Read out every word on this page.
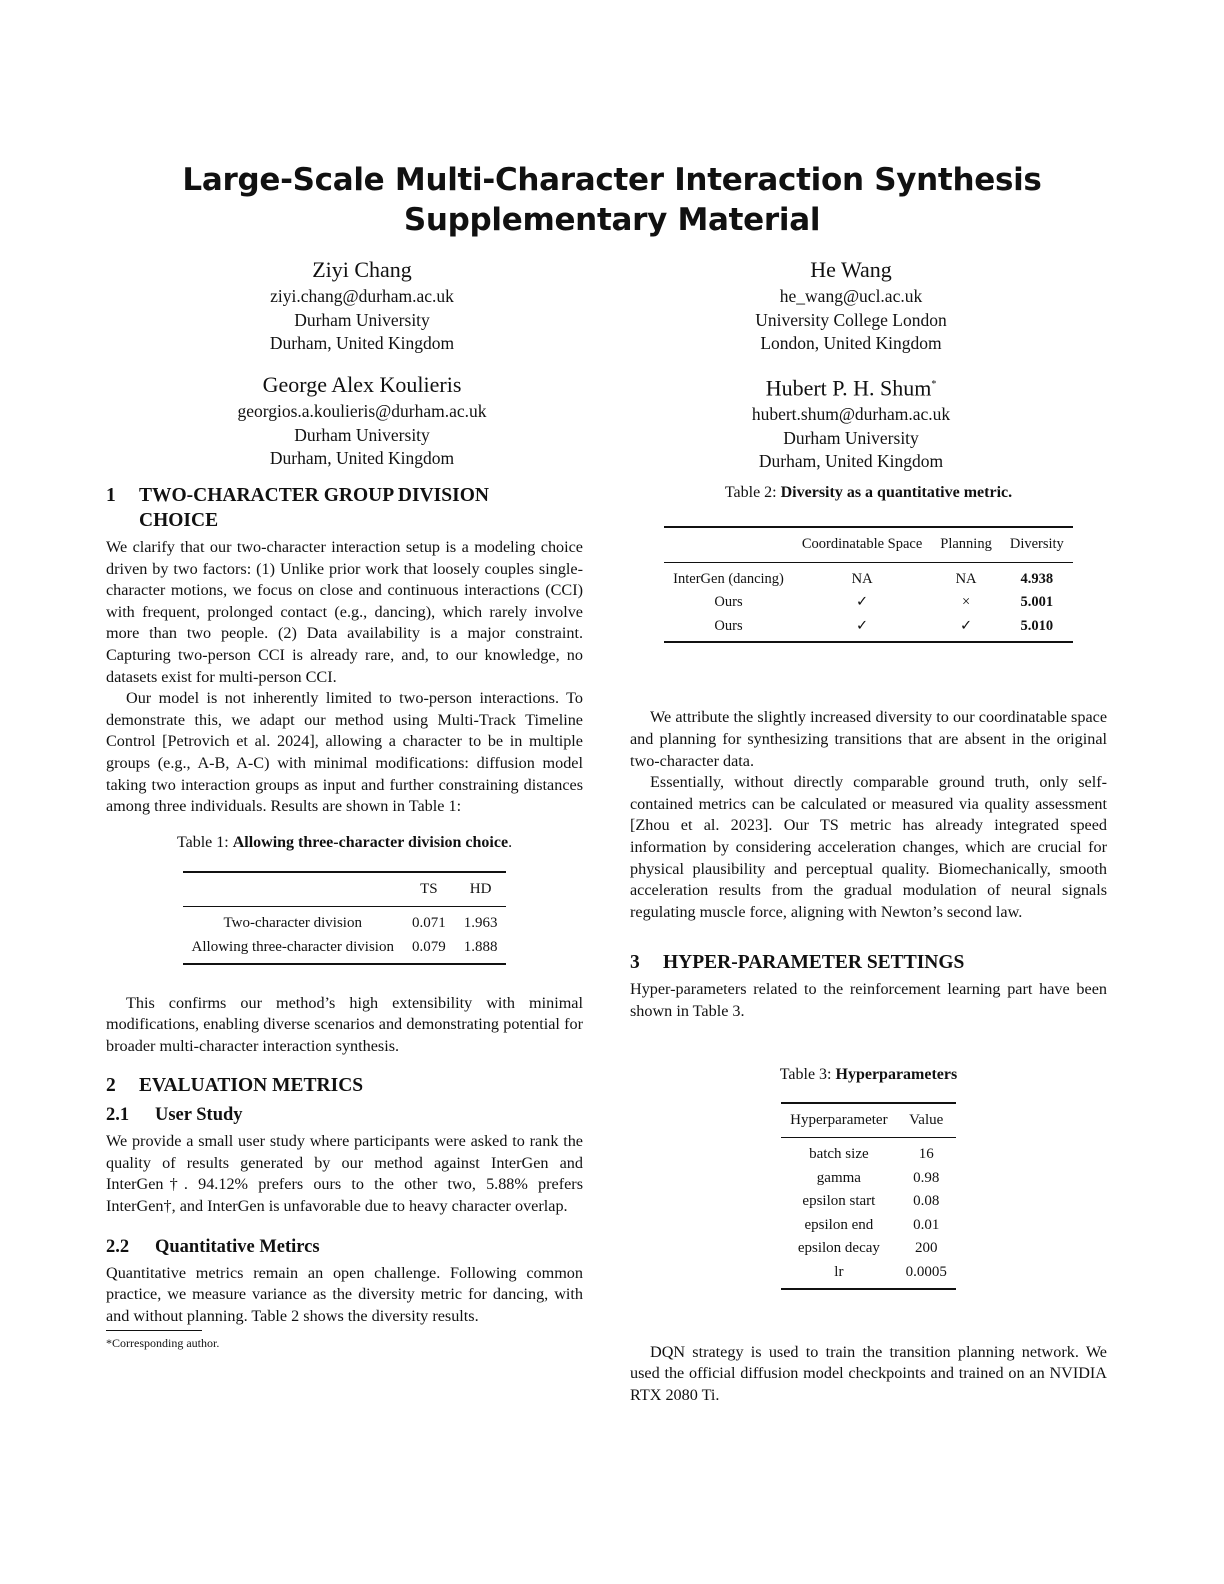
Large-Scale Multi-Character Interaction Synthesis
Supplementary Material
Ziyi Chang
ziyi.chang@durham.ac.uk
Durham University
Durham, United Kingdom
He Wang
he_wang@ucl.ac.uk
University College London
London, United Kingdom
George Alex Koulieris
georgios.a.koulieris@durham.ac.uk
Durham University
Durham, United Kingdom
Hubert P. H. Shum*
hubert.shum@durham.ac.uk
Durham University
Durham, United Kingdom
1 TWO-CHARACTER GROUP DIVISION
CHOICE

We clarify that our two-character interaction setup is a modeling choice driven by two factors: (1) Unlike prior work that loosely couples single-character motions, we focus on close and continuous interactions (CCI) with frequent, prolonged contact (e.g., dancing), which rarely involve more than two people. (2) Data availability is a major constraint. Capturing two-person CCI is already rare, and, to our knowledge, no datasets exist for multi-person CCI.

Our model is not inherently limited to two-person interactions. To demonstrate this, we adapt our method using Multi-Track Timeline Control [Petrovich et al. 2024], allowing a character to be in multiple groups (e.g., A-B, A-C) with minimal modifications: diffusion model taking two interaction groups as input and further constraining distances among three individuals. Results are shown in Table 1:

Table 1: Allowing three-character division choice.
	TS	HD
Two-character division	0.071	1.963
Allowing three-character division	0.079	1.888

This confirms our method’s high extensibility with minimal modifications, enabling diverse scenarios and demonstrating potential for broader multi-character interaction synthesis.

2 EVALUATION METRICS
2.1 User Study

We provide a small user study where participants were asked to rank the quality of results generated by our method against InterGen and InterGen†. 94.12% prefers ours to the other two, 5.88% prefers InterGen†, and InterGen is unfavorable due to heavy character overlap.

2.2 Quantitative Metircs

Quantitative metrics remain an open challenge. Following common practice, we measure variance as the diversity metric for dancing, with and without planning. Table 2 shows the diversity results.

*Corresponding author.
Table 2: Diversity as a quantitative metric.
	Coordinatable Space	Planning	Diversity
InterGen (dancing)	NA	NA	4.938
Ours	✓	×	5.001
Ours	✓	✓	5.010

We attribute the slightly increased diversity to our coordinatable space and planning for synthesizing transitions that are absent in the original two-character data.

Essentially, without directly comparable ground truth, only self-contained metrics can be calculated or measured via quality assessment [Zhou et al. 2023]. Our TS metric has already integrated speed information by considering acceleration changes, which are crucial for physical plausibility and perceptual quality. Biomechanically, smooth acceleration results from the gradual modulation of neural signals regulating muscle force, aligning with Newton’s second law.

3 HYPER-PARAMETER SETTINGS

Hyper-parameters related to the reinforcement learning part have been shown in Table 3.

Table 3: Hyperparameters
Hyperparameter	Value
batch size	16
gamma	0.98
epsilon start	0.08
epsilon end	0.01
epsilon decay	200
lr	0.0005

DQN strategy is used to train the transition planning network. We used the official diffusion model checkpoints and trained on an NVIDIA RTX 2080 Ti.
